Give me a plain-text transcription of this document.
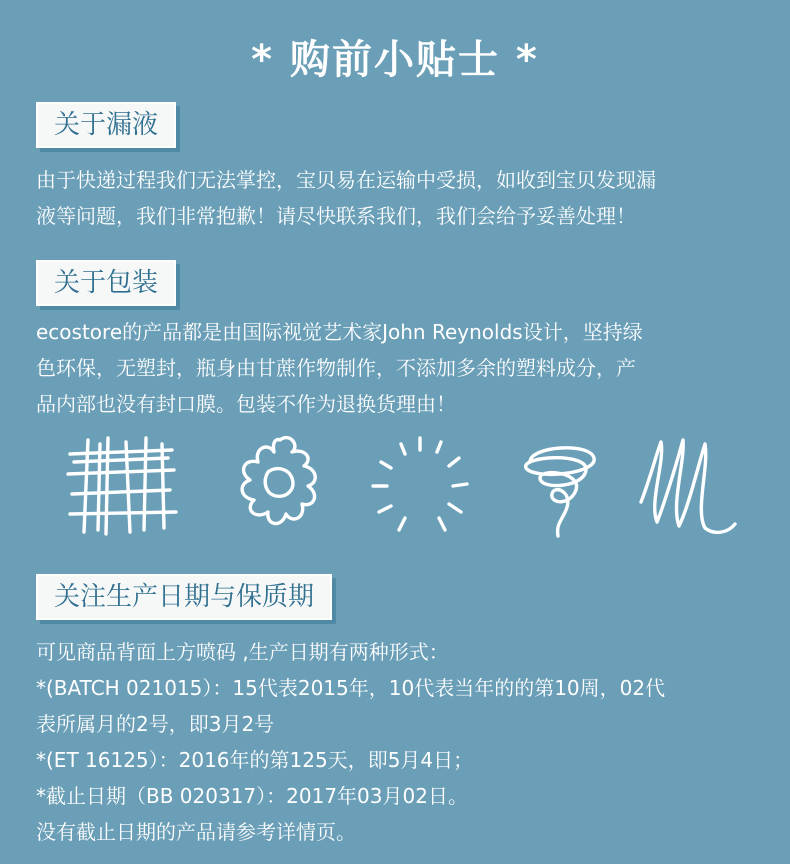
* 购前小贴士 *
关于漏液
由于快递过程我们无法掌控，宝贝易在运输中受损，如收到宝贝发现漏
液等问题，我们非常抱歉！请尽快联系我们，我们会给予妥善处理！
关于包装
ecostore的产品都是由国际视觉艺术家John Reynolds设计，坚持绿
色环保，无塑封，瓶身由甘蔗作物制作，不添加多余的塑料成分，产
品内部也没有封口膜。包装不作为退换货理由！
关注生产日期与保质期
可见商品背面上方喷码 ,生产日期有两种形式：
*(BATCH 021015）：15代表2015年，10代表当年的的第10周，02代
表所属月的2号，即3月2号
*(ET 16125）：2016年的第125天，即5月4日；
*截止日期（BB 020317）：2017年03月02日。
没有截止日期的产品请参考详情页。
